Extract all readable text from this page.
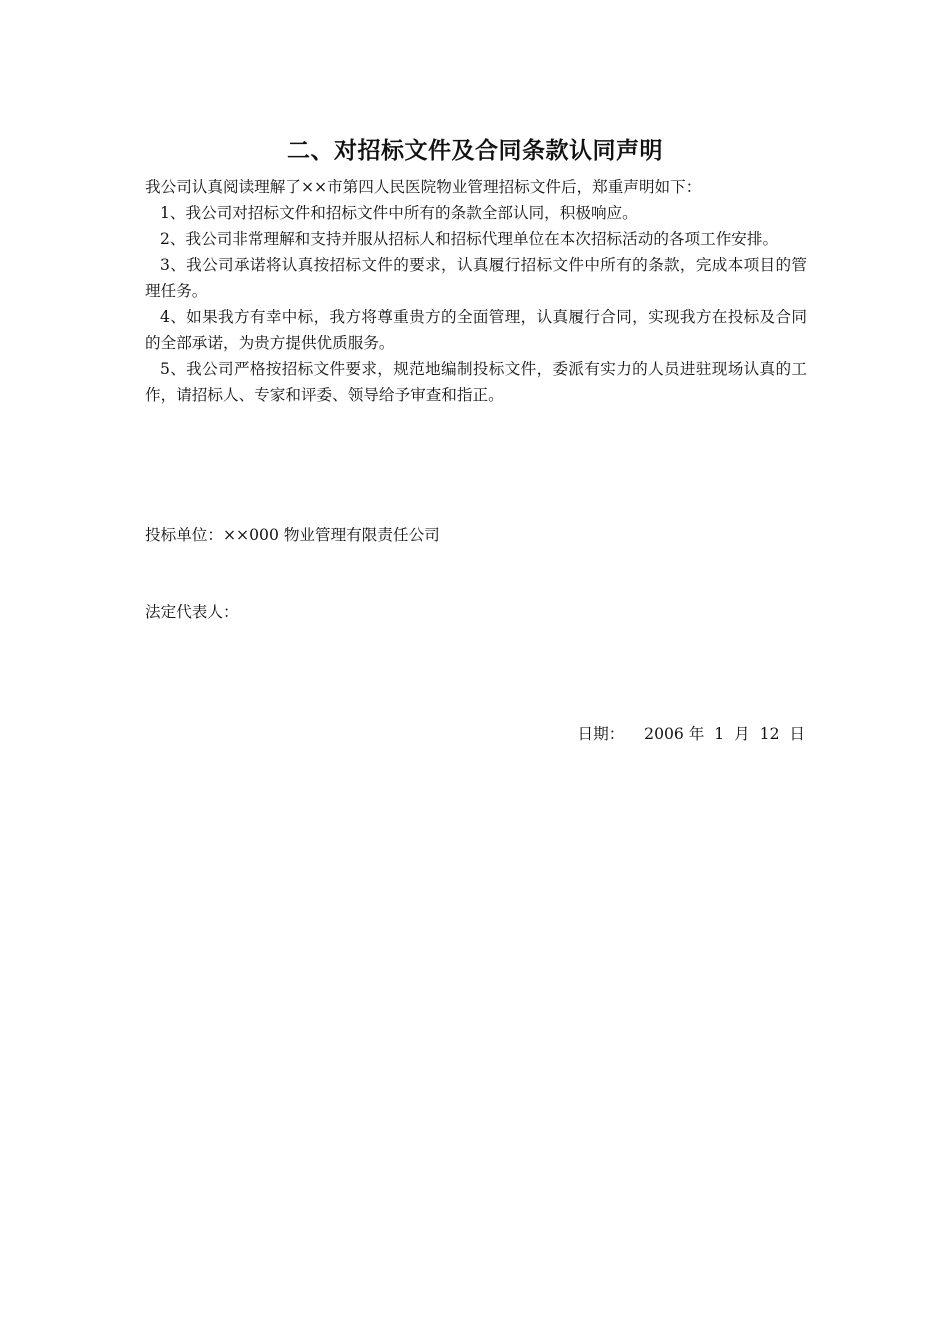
二、对招标文件及合同条款认同声明

我公司认真阅读理解了××市第四人民医院物业管理招标文件后，郑重声明如下：

1、我公司对招标文件和招标文件中所有的条款全部认同，积极响应。

2、我公司非常理解和支持并服从招标人和招标代理单位在本次招标活动的各项工作安排。

3、我公司承诺将认真按招标文件的要求，认真履行招标文件中所有的条款，完成本项目的管理任务。

4、如果我方有幸中标，我方将尊重贵方的全面管理，认真履行合同，实现我方在投标及合同的全部承诺，为贵方提供优质服务。

5、我公司严格按招标文件要求，规范地编制投标文件，委派有实力的人员进驻现场认真的工作，请招标人、专家和评委、领导给予审查和指正。

投标单位：××000 物业管理有限责任公司
法定代表人：
日期：    2006 年  1  月  12  日
